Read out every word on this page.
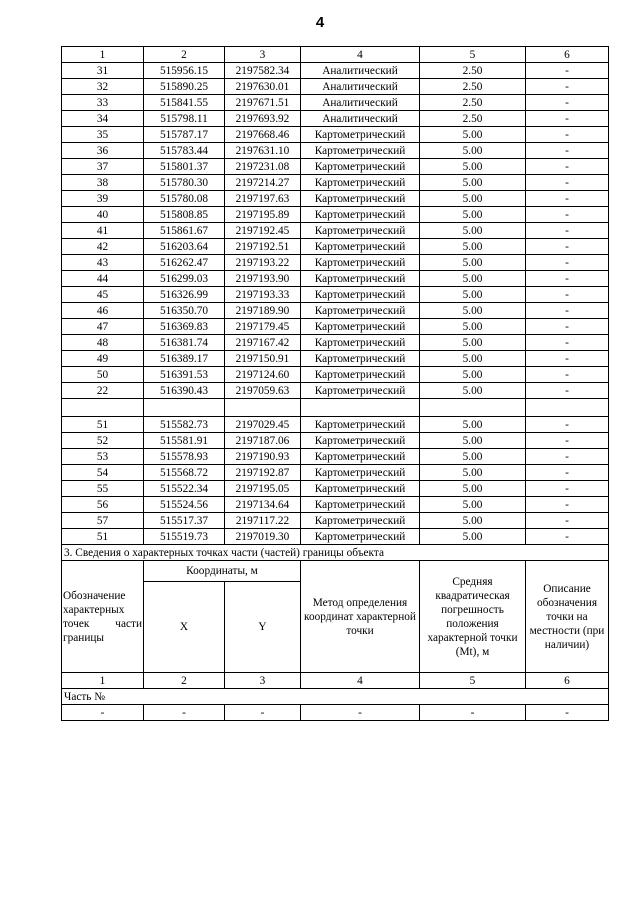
4
1	2	3	4	5	6
31	515956.15	2197582.34	Аналитический	2.50	-
32	515890.25	2197630.01	Аналитический	2.50	-
33	515841.55	2197671.51	Аналитический	2.50	-
34	515798.11	2197693.92	Аналитический	2.50	-
35	515787.17	2197668.46	Картометрический	5.00	-
36	515783.44	2197631.10	Картометрический	5.00	-
37	515801.37	2197231.08	Картометрический	5.00	-
38	515780.30	2197214.27	Картометрический	5.00	-
39	515780.08	2197197.63	Картометрический	5.00	-
40	515808.85	2197195.89	Картометрический	5.00	-
41	515861.67	2197192.45	Картометрический	5.00	-
42	516203.64	2197192.51	Картометрический	5.00	-
43	516262.47	2197193.22	Картометрический	5.00	-
44	516299.03	2197193.90	Картометрический	5.00	-
45	516326.99	2197193.33	Картометрический	5.00	-
46	516350.70	2197189.90	Картометрический	5.00	-
47	516369.83	2197179.45	Картометрический	5.00	-
48	516381.74	2197167.42	Картометрический	5.00	-
49	516389.17	2197150.91	Картометрический	5.00	-
50	516391.53	2197124.60	Картометрический	5.00	-
22	516390.43	2197059.63	Картометрический	5.00	-

51	515582.73	2197029.45	Картометрический	5.00	-
52	515581.91	2197187.06	Картометрический	5.00	-
53	515578.93	2197190.93	Картометрический	5.00	-
54	515568.72	2197192.87	Картометрический	5.00	-
55	515522.34	2197195.05	Картометрический	5.00	-
56	515524.56	2197134.64	Картометрический	5.00	-
57	515517.37	2197117.22	Картометрический	5.00	-
51	515519.73	2197019.30	Картометрический	5.00	-
3. Сведения о характерных точках части (частей) границы объекта					
Обозначение характерных точек части границы	Координаты, м		Метод определения координат характерной точки	Средняя квадратическая погрешность положения характерной точки (Mt), м	Описание обозначения точки на местности (при наличии)
	X	Y			
1	2	3	4	5	6
Часть №					
-	-	-	-	-	-
